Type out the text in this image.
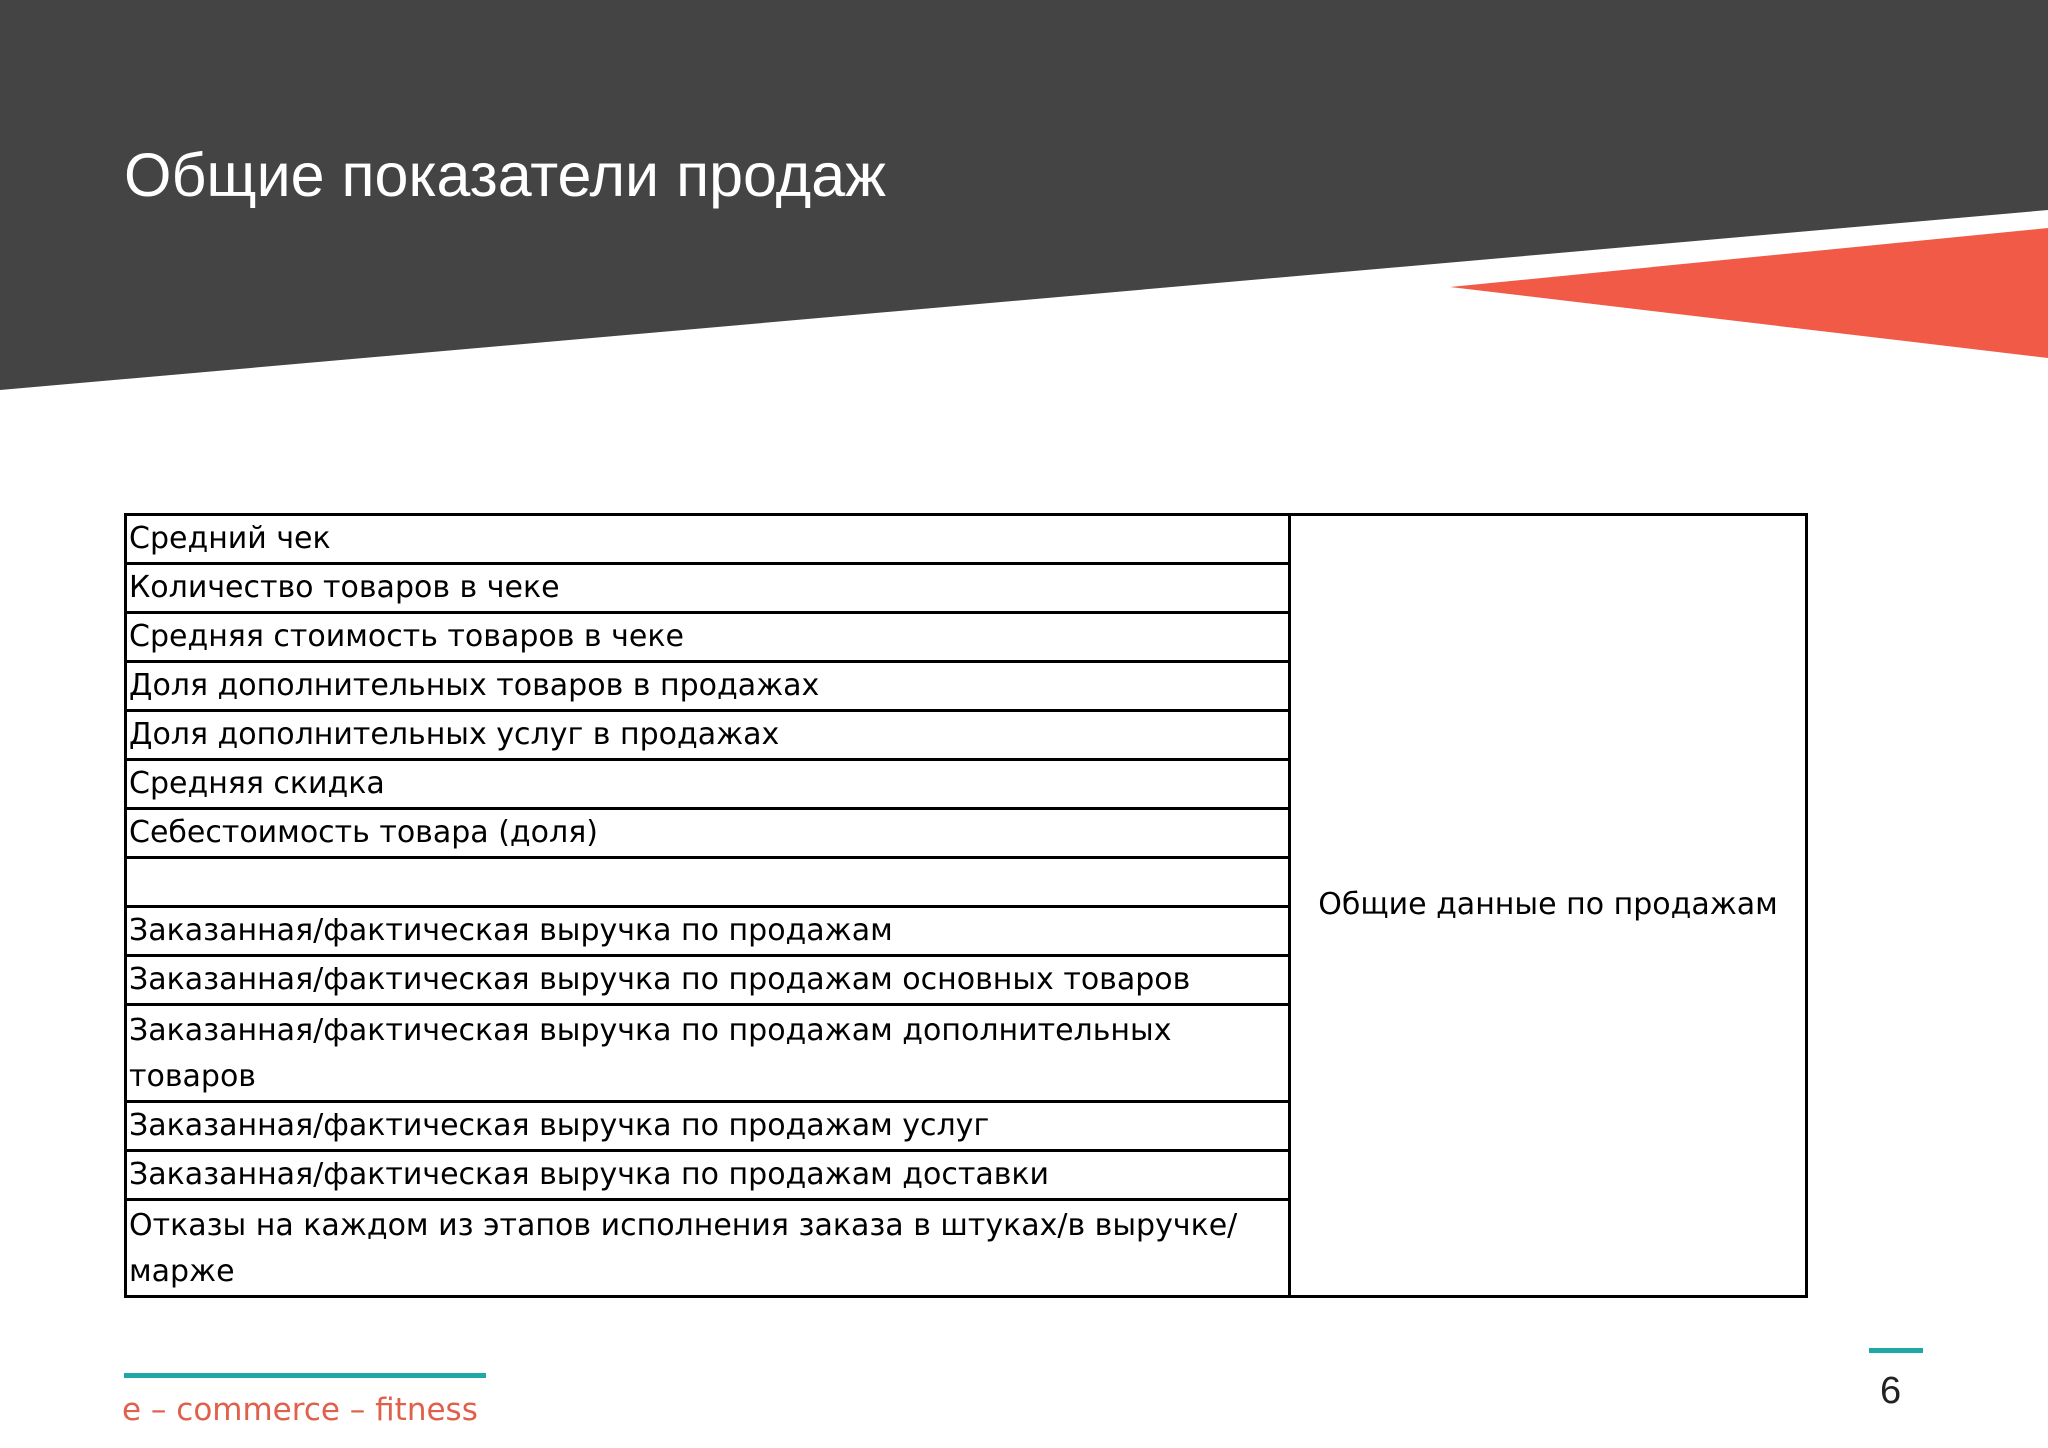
Общие показатели продаж
Средний чек	Общие данные по продажам
Количество товаров в чеке
Средняя стоимость товаров в чеке
Доля дополнительных товаров в продажах
Доля дополнительных услуг в продажах
Средняя скидка
Себестоимость товара (доля)

Заказанная/фактическая выручка по продажам
Заказанная/фактическая выручка по продажам основных товаров
Заказанная/фактическая выручка по продажам дополнительных товаров
Заказанная/фактическая выручка по продажам услуг
Заказанная/фактическая выручка по продажам доставки
Отказы на каждом из этапов исполнения заказа в штуках/в выручке/марже
e – commerce – fitness	6
